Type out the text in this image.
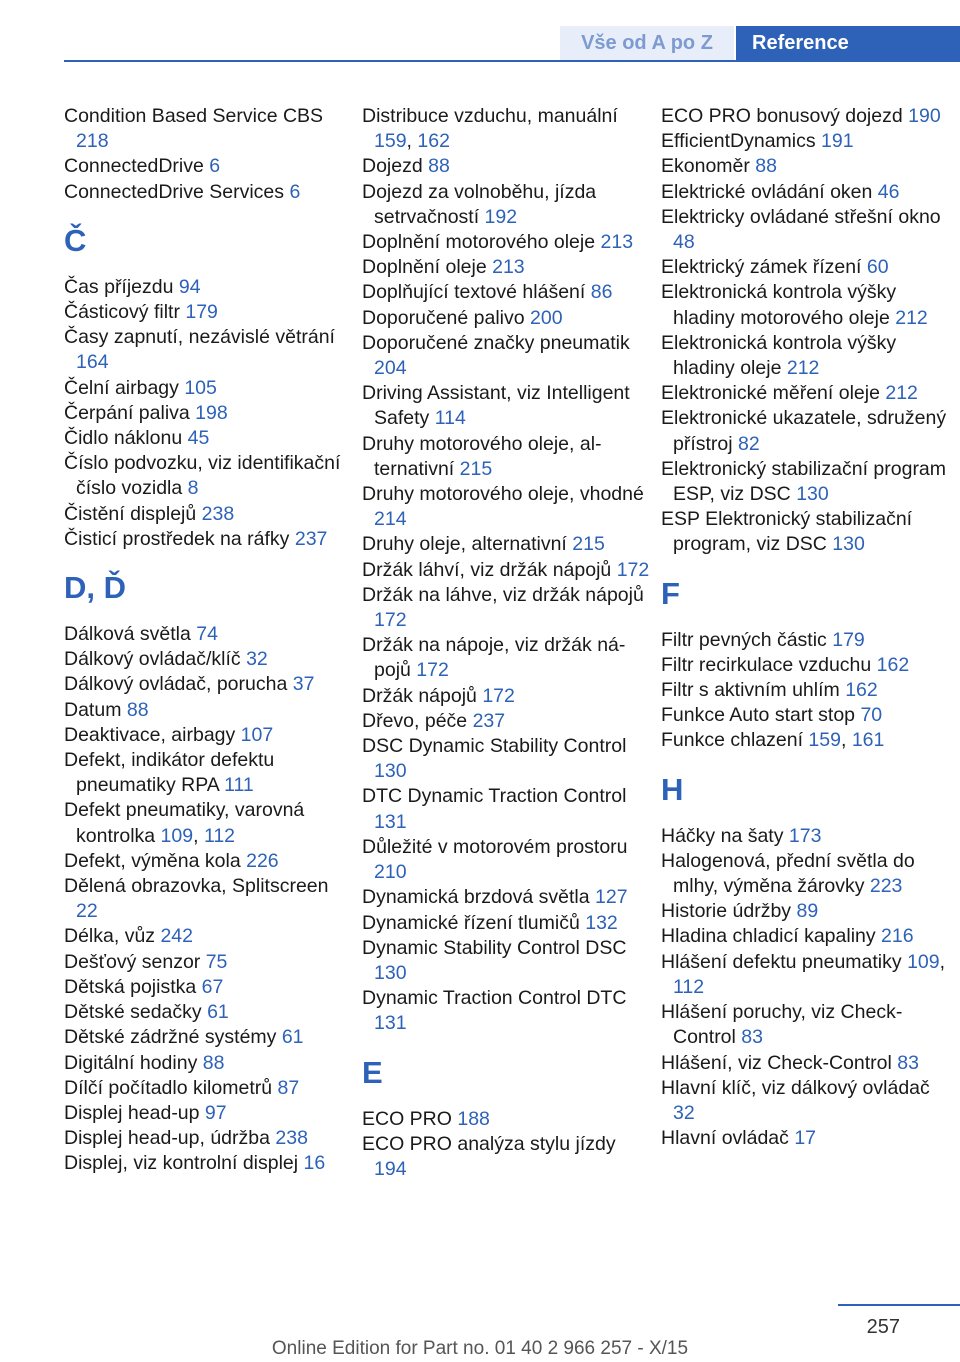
Vše od A po Z	Reference
Condition Based Service CBS 218
ConnectedDrive 6
ConnectedDrive Services 6
Č
Čas příjezdu 94
Částicový filtr 179
Časy zapnutí, nezávislé větrání 164
Čelní airbagy 105
Čerpání paliva 198
Čidlo náklonu 45
Číslo podvozku, viz identifikační číslo vozidla 8
Čistění displejů 238
Čisticí prostředek na ráfky 237
D, Ď
Dálková světla 74
Dálkový ovládač/klíč 32
Dálkový ovládač, porucha 37
Datum 88
Deaktivace, airbagy 107
Defekt, indikátor defektu pneumatiky RPA 111
Defekt pneumatiky, varovná kontrolka 109, 112
Defekt, výměna kola 226
Dělená obrazovka, Splitscreen 22
Délka, vůz 242
Dešťový senzor 75
Dětská pojistka 67
Dětské sedačky 61
Dětské zádržné systémy 61
Digitální hodiny 88
Dílčí počítadlo kilometrů 87
Displej head-up 97
Displej head-up, údržba 238
Displej, viz kontrolní displej 16
Distribuce vzduchu, manuální 159, 162
Dojezd 88
Dojezd za volnoběhu, jízda setrvačností 192
Doplnění motorového oleje 213
Doplnění oleje 213
Doplňující textové hlášení 86
Doporučené palivo 200
Doporučené značky pneumatik 204
Driving Assistant, viz Intelligent Safety 114
Druhy motorového oleje, alternativní 215
Druhy motorového oleje, vhodné 214
Druhy oleje, alternativní 215
Držák láhví, viz držák nápojů 172
Držák na láhve, viz držák nápojů 172
Držák na nápoje, viz držák nápojů 172
Držák nápojů 172
Dřevo, péče 237
DSC Dynamic Stability Control 130
DTC Dynamic Traction Control 131
Důležité v motorovém prostoru 210
Dynamická brzdová světla 127
Dynamické řízení tlumičů 132
Dynamic Stability Control DSC 130
Dynamic Traction Control DTC 131
E
ECO PRO 188
ECO PRO analýza stylu jízdy 194
ECO PRO bonusový dojezd 190
EfficientDynamics 191
Ekonoměr 88
Elektrické ovládání oken 46
Elektricky ovládané střešní okno 48
Elektrický zámek řízení 60
Elektronická kontrola výšky hladiny motorového oleje 212
Elektronická kontrola výšky hladiny oleje 212
Elektronické měření oleje 212
Elektronické ukazatele, sdružený přístroj 82
Elektronický stabilizační program ESP, viz DSC 130
ESP Elektronický stabilizační program, viz DSC 130
F
Filtr pevných částic 179
Filtr recirkulace vzduchu 162
Filtr s aktivním uhlím 162
Funkce Auto start stop 70
Funkce chlazení 159, 161
H
Háčky na šaty 173
Halogenová, přední světla do mlhy, výměna žárovky 223
Historie údržby 89
Hladina chladicí kapaliny 216
Hlášení defektu pneumatiky 109, 112
Hlášení poruchy, viz Check-Control 83
Hlášení, viz Check-Control 83
Hlavní klíč, viz dálkový ovládač 32
Hlavní ovládač 17
257
Online Edition for Part no. 01 40 2 966 257 - X/15
